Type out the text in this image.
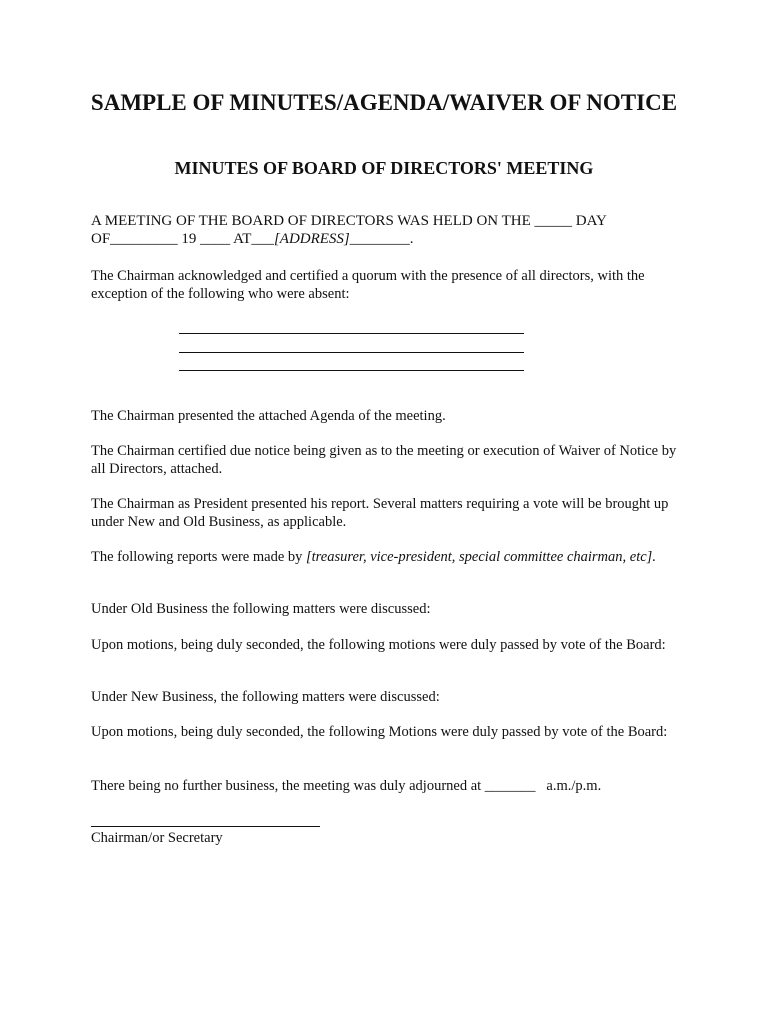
SAMPLE OF MINUTES/AGENDA/WAIVER OF NOTICE
MINUTES OF BOARD OF DIRECTORS' MEETING

A MEETING OF THE BOARD OF DIRECTORS WAS HELD ON THE _____ DAY
OF_________ 19 ____ AT___[ADDRESS]________.

The Chairman acknowledged and certified a quorum with the presence of all directors, with the exception of the following who were absent:

The Chairman presented the attached Agenda of the meeting.

The Chairman certified due notice being given as to the meeting or execution of Waiver of Notice by all Directors, attached.

The Chairman as President presented his report. Several matters requiring a vote will be brought up under New and Old Business, as applicable.

The following reports were made by [treasurer, vice-president, special committee chairman, etc].

Under Old Business the following matters were discussed:

Upon motions, being duly seconded, the following motions were duly passed by vote of the Board:

Under New Business, the following matters were discussed:

Upon motions, being duly seconded, the following Motions were duly passed by vote of the Board:

There being no further business, the meeting was duly adjourned at _______   a.m./p.m.

Chairman/or Secretary
